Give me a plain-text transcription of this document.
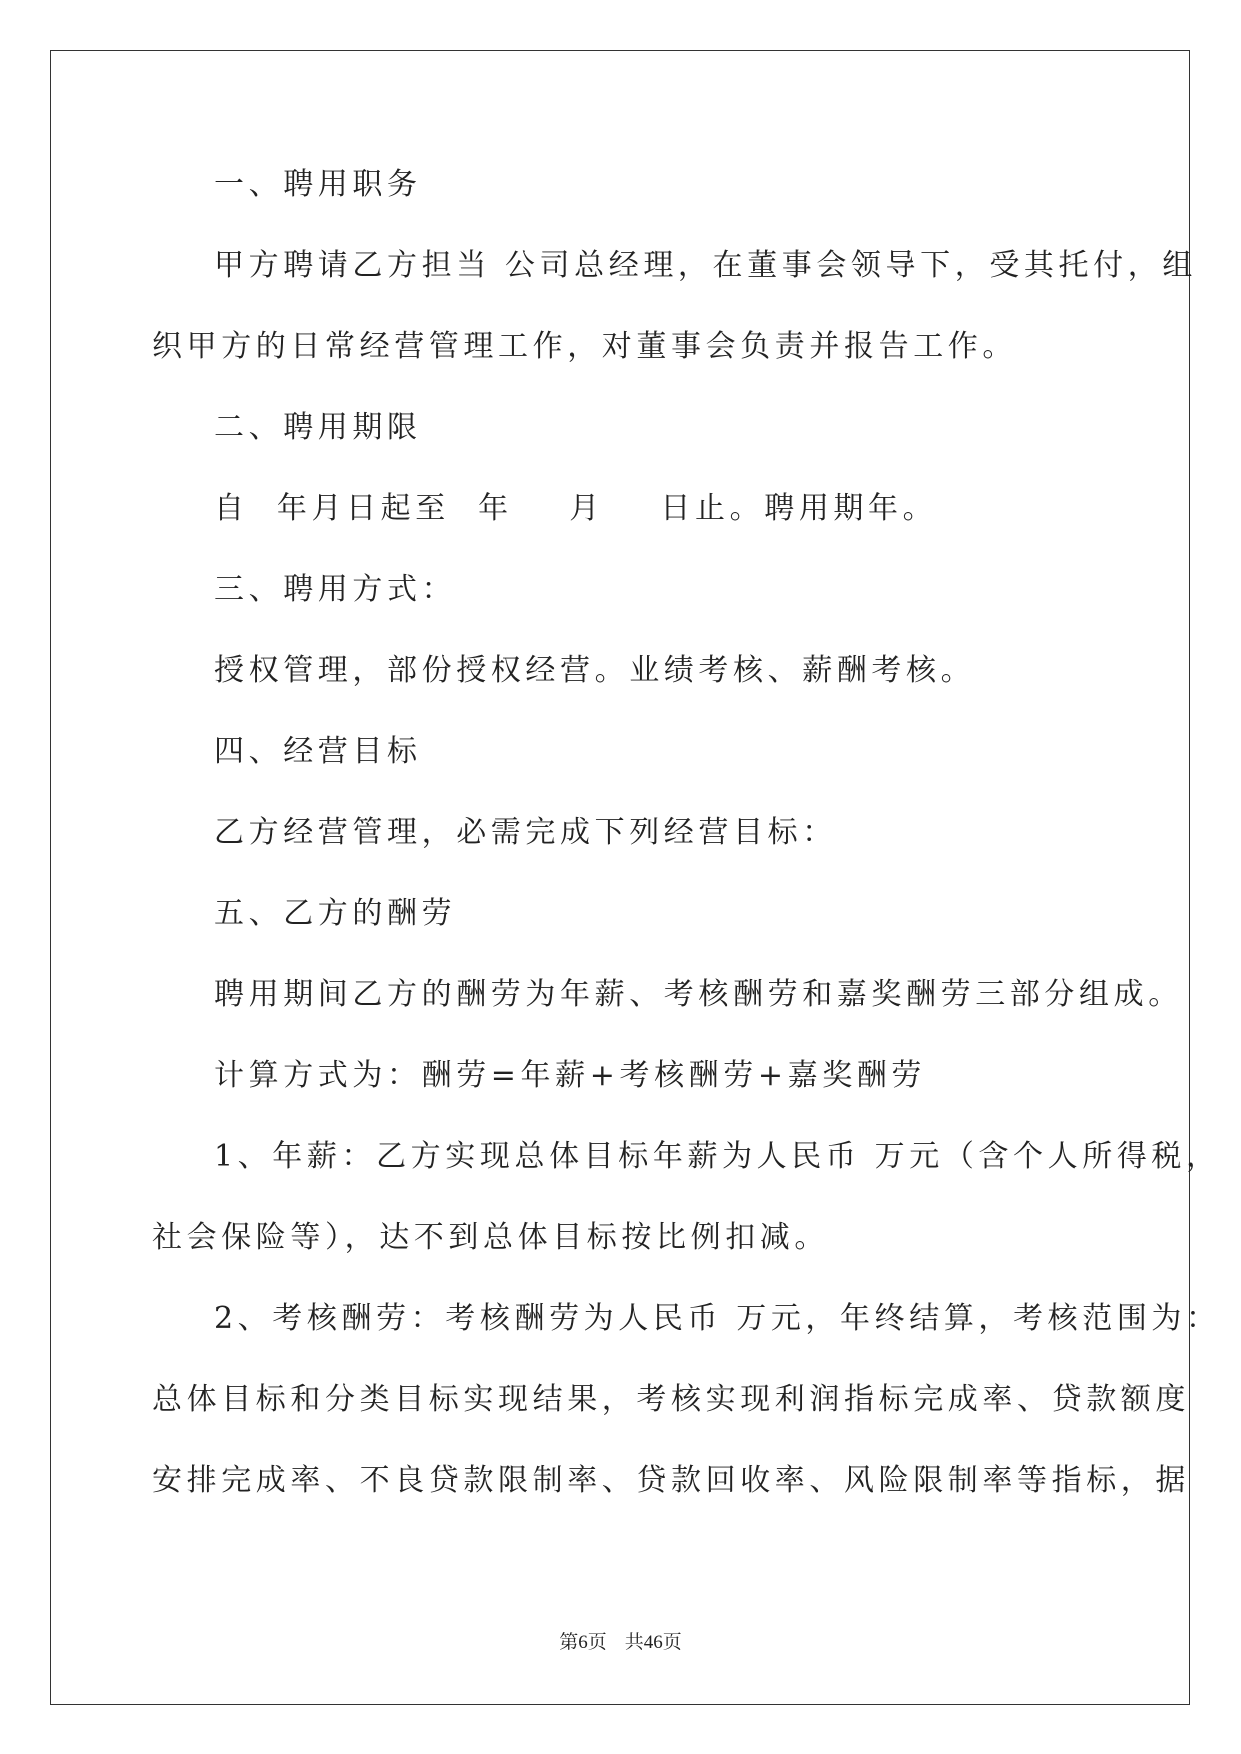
一、聘用职务
甲方聘请乙方担当 公司总经理，在董事会领导下，受其托付，组
织甲方的日常经营管理工作，对董事会负责并报告工作。
二、聘用期限
自  年月日起至  年    月    日止。聘用期年。
三、聘用方式：
授权管理，部份授权经营。业绩考核、薪酬考核。
四、经营目标
乙方经营管理，必需完成下列经营目标：
五、乙方的酬劳
聘用期间乙方的酬劳为年薪、考核酬劳和嘉奖酬劳三部分组成。
计算方式为：酬劳=年薪+考核酬劳+嘉奖酬劳
1、年薪：乙方实现总体目标年薪为人民币 万元（含个人所得税，
社会保险等），达不到总体目标按比例扣减。
2、考核酬劳：考核酬劳为人民币 万元，年终结算，考核范围为：
总体目标和分类目标实现结果，考核实现利润指标完成率、贷款额度
安排完成率、不良贷款限制率、贷款回收率、风险限制率等指标，据
第6页 共46页
